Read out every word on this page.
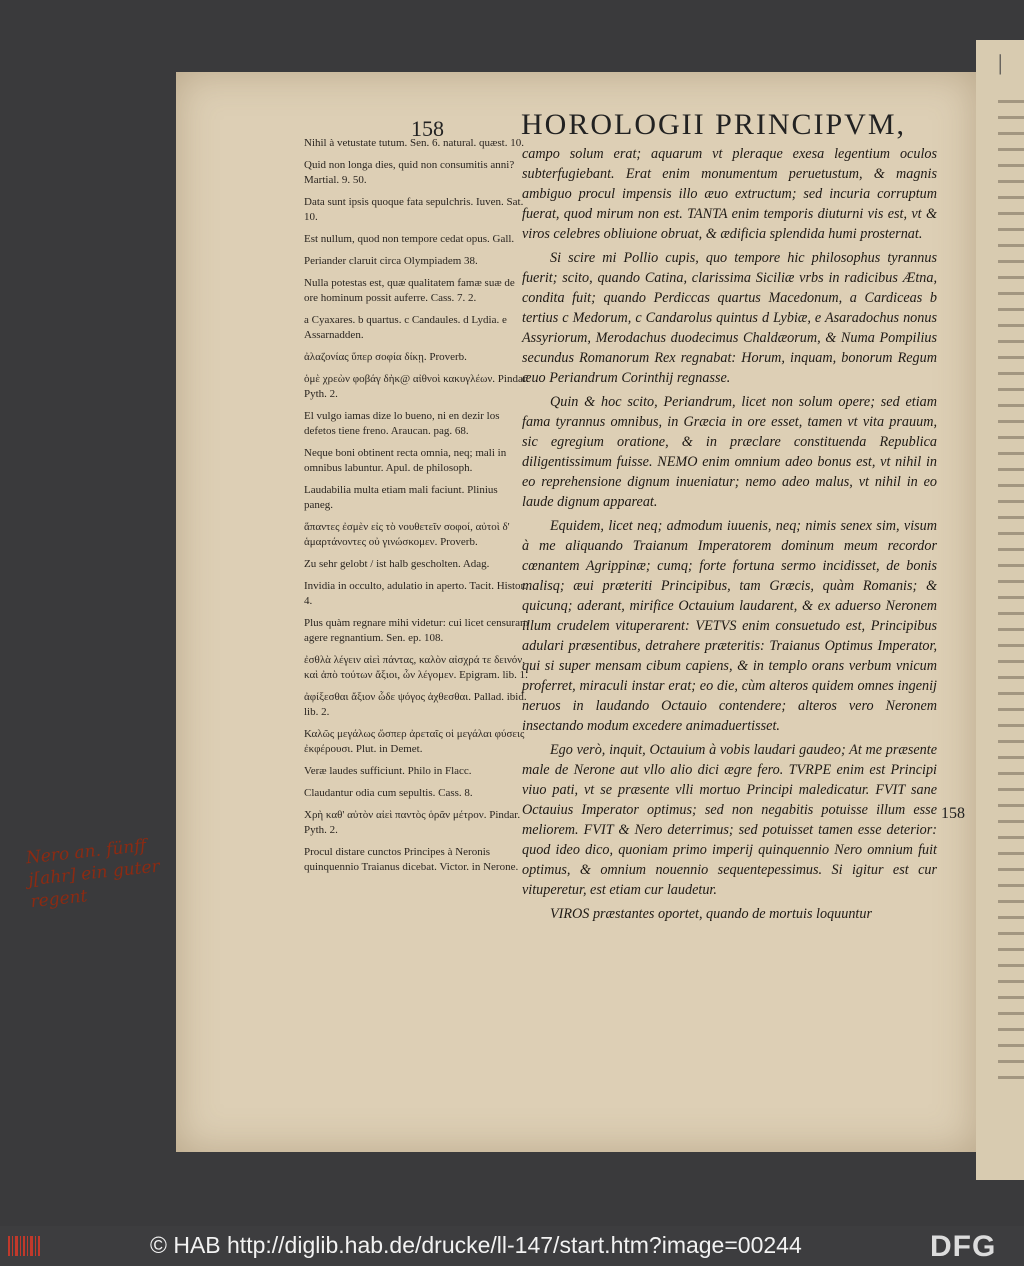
|
158	HOROLOGII PRINCIPVM,

Nihil à vetustate tutum. Sen. 6. natural. quæst. 10.

Quid non longa dies, quid non consumitis anni? Martial. 9. 50.

Data sunt ipsis quoque fata sepulchris. Iuven. Sat. 10.

Est nullum, quod non tempore cedat opus. Gall.

Periander claruit circa Olympiadem 38.

Nulla potestas est, quæ qualitatem famæ suæ de ore hominum possit auferre. Cass. 7. 2.

a Cyaxares. b quartus. c Candaules. d Lydia. e Assarnadden.

ἀλαζονίας ὕπερ σοφία δίκῃ. Proverb.

ὁμὲ χρεὼν φοβάγ δὴκ@ αἰθνοὶ κακυγλέων. Pindar. Pyth. 2.

El vulgo iamas dize lo bueno, ni en dezir los defetos tiene freno. Araucan. pag. 68.

Neque boni obtinent recta omnia, neq; mali in omnibus labuntur. Apul. de philosoph.

Laudabilia multa etiam mali faciunt. Plinius paneg.

ἅπαντες ἐσμὲν εἰς τὸ νουθετεῖν σοφοί, αὐτοὶ δ' ἁμαρτάνοντες οὐ γινώσκομεν. Proverb.

Zu sehr gelobt / ist halb gescholten. Adag.

Invidia in occulto, adulatio in aperto. Tacit. Histor. 4.

Plus quàm regnare mihi videtur: cui licet censuram agere regnantium. Sen. ep. 108.

ἐσθλὰ λέγειν αἰεὶ πάντας, καλὸν αἰσχρά τε δεινόν, καὶ ἀπὸ τούτων ἄξιοι, ὧν λέγομεν. Epigram. lib. 1.

ἀφίξεσθαι ἄξιον ὧδε ψόγος ἀχθεσθαι. Pallad. ibid. lib. 2.

Καλῶς μεγάλως ὥσπερ ἀρεταῖς οἱ μεγάλαι φύσεις ἐκφέρουσι. Plut. in Demet.

Veræ laudes sufficiunt. Philo in Flacc.

Claudantur odia cum sepultis. Cass. 8.

Χρὴ καθ' αὐτὸν αἰεὶ παντὸς ὁρᾶν μέτρον. Pindar. Pyth. 2.

Procul distare cunctos Principes à Neronis quinquennio Traianus dicebat. Victor. in Nerone.

campo solum erat; aquarum vt pleraque exesa legentium oculos subterfugiebant. Erat enim monumentum peruetustum, & magnis ambiguo procul impensis illo æuo extructum; sed incuria corruptum fuerat, quod mirum non est. TANTA enim temporis diuturni vis est, vt & viros celebres obliuione obruat, & ædificia splendida humi prosternat.

Si scire mi Pollio cupis, quo tempore hic philosophus tyrannus fuerit; scito, quando Catina, clarissima Siciliæ vrbs in radicibus Ætna, condita fuit; quando Perdiccas quartus Macedonum, a Cardiceas b tertius c Medorum, c Candarolus quintus d Lybiæ, e Asaradochus nonus Assyriorum, Merodachus duodecimus Chaldæorum, & Numa Pompilius secundus Romanorum Rex regnabat: Horum, inquam, bonorum Regum æuo Periandrum Corinthij regnasse.

Quin & hoc scito, Periandrum, licet non solum opere; sed etiam fama tyrannus omnibus, in Græcia in ore esset, tamen vt vita prauum, sic egregium oratione, & in præclare constituenda Republica diligentissimum fuisse. NEMO enim omnium adeo bonus est, vt nihil in eo reprehensione dignum inueniatur; nemo adeo malus, vt nihil in eo laude dignum appareat.

Equidem, licet neq; admodum iuuenis, neq; nimis senex sim, visum à me aliquando Traianum Imperatorem dominum meum recordor cœnantem Agrippinæ; cumq; forte fortuna sermo incidisset, de bonis malisq; æui præteriti Principibus, tam Græcis, quàm Romanis; & quicunq; aderant, mirifice Octauium laudarent, & ex aduerso Neronem illum crudelem vituperarent: VETVS enim consuetudo est, Principibus adulari præsentibus, detrahere præteritis: Traianus Optimus Imperator, qui si super mensam cibum capiens, & in templo orans verbum vnicum proferret, miraculi instar erat; eo die, cùm alteros quidem omnes ingenij neruos in laudando Octauio contendere; alteros vero Neronem insectando modum excedere animaduertisset.

Ego verò, inquit, Octauium à vobis laudari gaudeo; At me præsente male de Nerone aut vllo alio dici ægre fero. TVRPE enim est Principi viuo pati, vt se præsente vlli mortuo Principi maledicatur. FVIT sane Octauius Imperator optimus; sed non negabitis potuisse illum esse meliorem. FVIT & Nero deterrimus; sed potuisset tamen esse deterior: quod ideo dico, quoniam primo imperij quinquennio Nero omnium fuit optimus, & omnium nouennio sequentepessimus. Si igitur est cur vituperetur, est etiam cur laudetur.

VIROS præstantes oportet, quando de mortuis loquuntur

158
Nero an. fünff j[ahr] ein guter regent
© HAB http://diglib.hab.de/drucke/ll-147/start.htm?image=00244	DFG
